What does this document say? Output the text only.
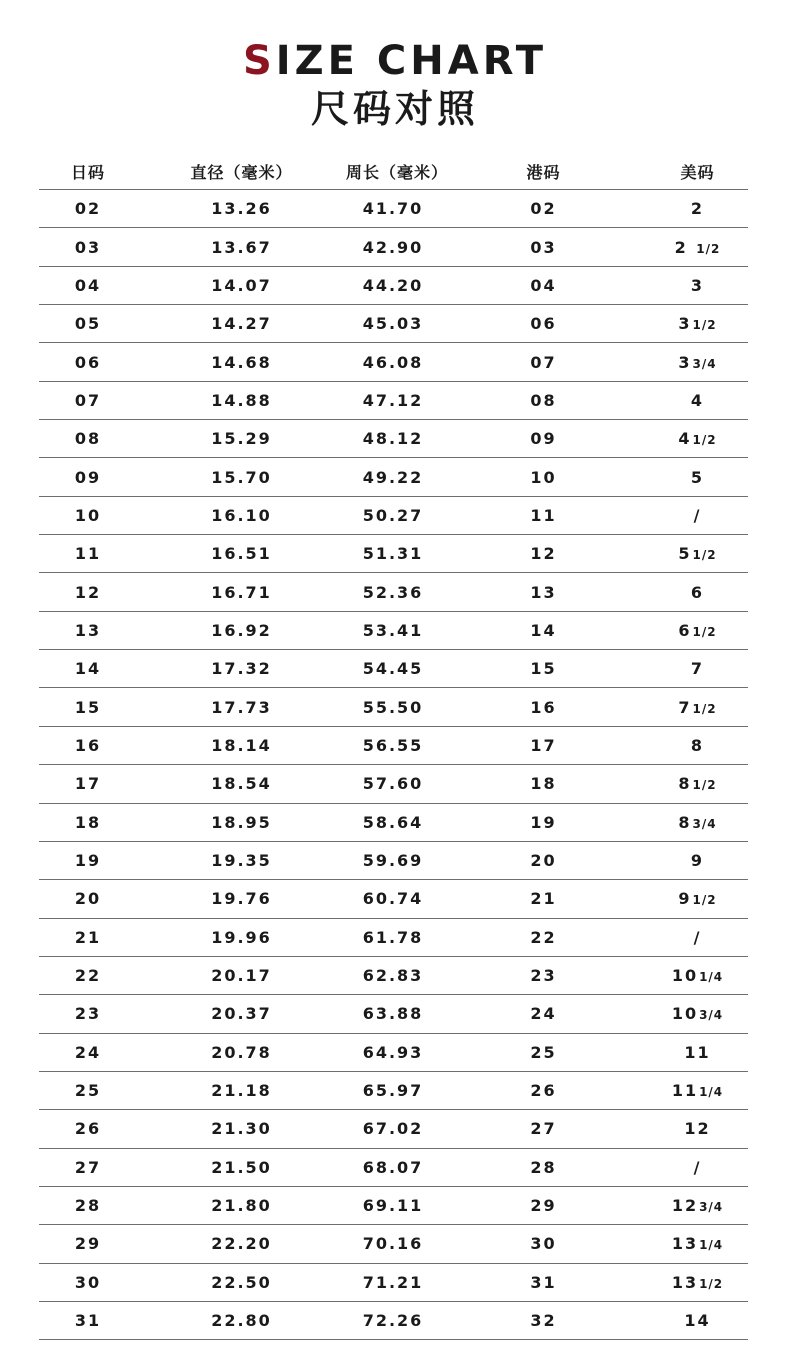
SIZE CHART
尺码对照
日码	直径（毫米）	周长（毫米）	港码	美码
02	13.26	41.70	02	2
03	13.67	42.90	03	2 1/2
04	14.07	44.20	04	3
05	14.27	45.03	06	31/2
06	14.68	46.08	07	33/4
07	14.88	47.12	08	4
08	15.29	48.12	09	41/2
09	15.70	49.22	10	5
10	16.10	50.27	11	/
11	16.51	51.31	12	51/2
12	16.71	52.36	13	6
13	16.92	53.41	14	61/2
14	17.32	54.45	15	7
15	17.73	55.50	16	71/2
16	18.14	56.55	17	8
17	18.54	57.60	18	81/2
18	18.95	58.64	19	83/4
19	19.35	59.69	20	9
20	19.76	60.74	21	91/2
21	19.96	61.78	22	/
22	20.17	62.83	23	101/4
23	20.37	63.88	24	103/4
24	20.78	64.93	25	11
25	21.18	65.97	26	111/4
26	21.30	67.02	27	12
27	21.50	68.07	28	/
28	21.80	69.11	29	123/4
29	22.20	70.16	30	131/4
30	22.50	71.21	31	131/2
31	22.80	72.26	32	14
